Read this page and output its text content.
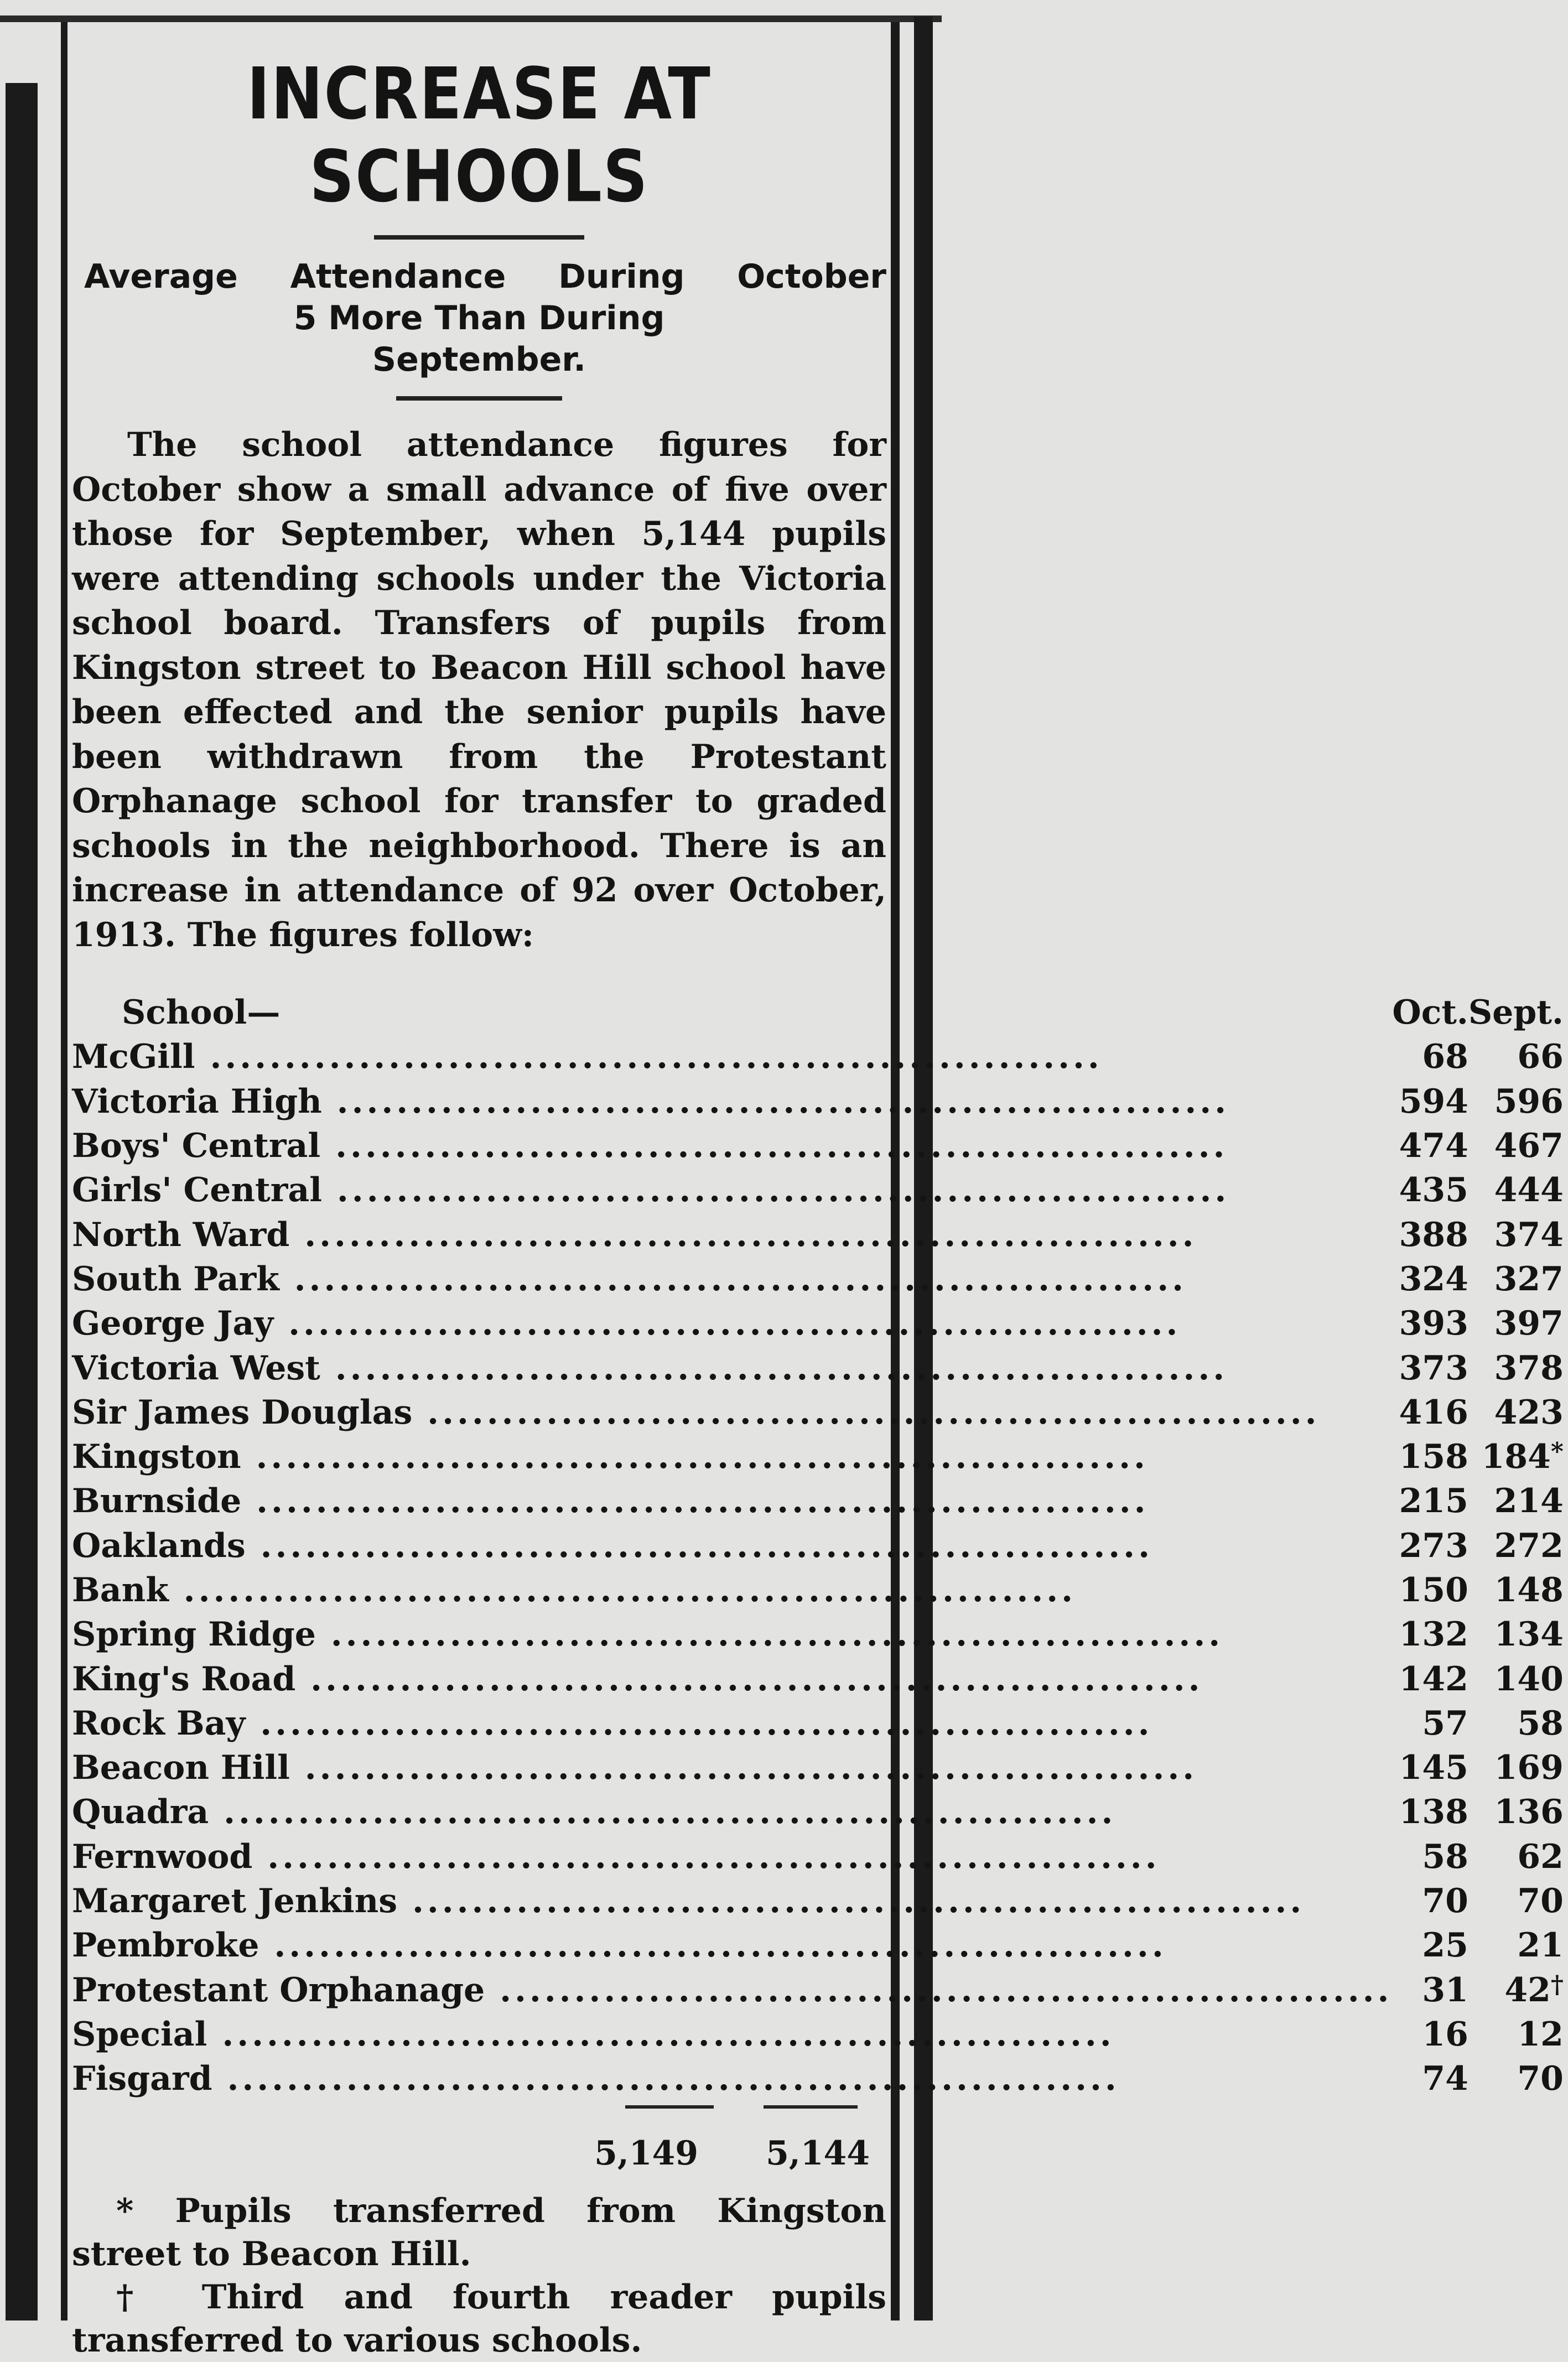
INCREASE AT SCHOOLS
Average Attendance During October
5 More Than During
September.

The school attendance figures for October show a small advance of five over those for September, when 5,144 pupils were attending schools under the Victoria school board. Transfers of pupils from Kingston street to Beacon Hill school have been effected and the senior pupils have been withdrawn from the Protestant Orphanage school for transfer to graded schools in the neighborhood. There is an increase in attendance of 92 over October, 1913. The figures follow:

School—	Oct.	Sept.
McGill ............................................................	68	66
Victoria High ............................................................	594	596
Boys' Central ............................................................	474	467
Girls' Central ............................................................	435	444
North Ward ............................................................	388	374
South Park ............................................................	324	327
George Jay ............................................................	393	397
Victoria West ............................................................	373	378
Sir James Douglas ............................................................	416	423
Kingston ............................................................	158	184*
Burnside ............................................................	215	214
Oaklands ............................................................	273	272
Bank ............................................................	150	148
Spring Ridge ............................................................	132	134
King's Road ............................................................	142	140
Rock Bay ............................................................	57	58
Beacon Hill ............................................................	145	169
Quadra ............................................................	138	136
Fernwood ............................................................	58	62
Margaret Jenkins ............................................................	70	70
Pembroke ............................................................	25	21
Protestant Orphanage ............................................................	31	42†
Special ............................................................	16	12
Fisgard ............................................................	74	70
5,149 5,144

* Pupils transferred from Kingston street to Beacon Hill.

† Third and fourth reader pupils transferred to various schools.
